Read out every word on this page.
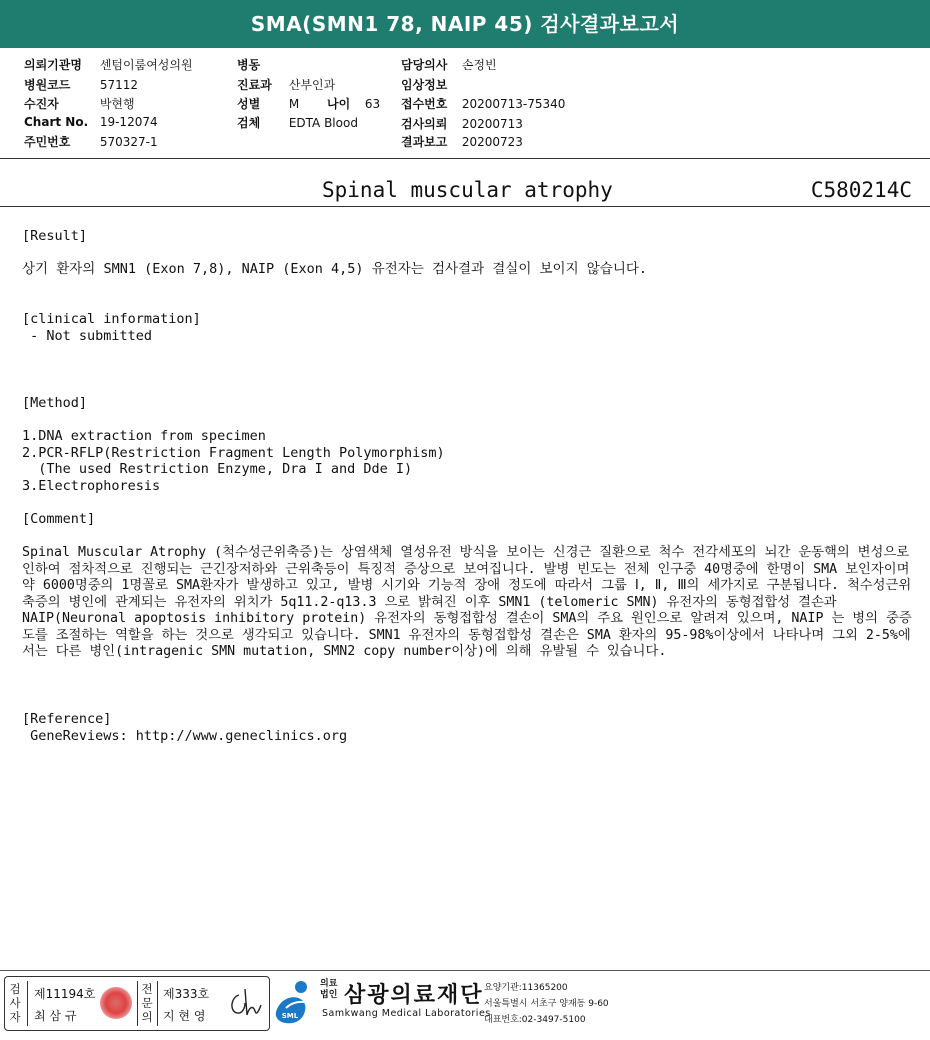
SMA(SMN1 78, NAIP 45) 검사결과보고서
의뢰기관명 센텀이룸여성의원
병원코드 57112
수진자	박현행
Chart No. 19-12074
주민번호 570327-1
병동
진료과 산부인과
성별 M 나이 63
검체 EDTA Blood
담당의사 손정빈
임상정보
접수번호 20200713-75340
검사의뢰 20200713
결과보고 20200723
Spinal muscular atrophy	C580214C
[Result]
상기 환자의 SMN1 (Exon 7,8), NAIP (Exon 4,5) 유전자는 검사결과 결실이 보이지 않습니다.
[clinical information]
- Not submitted
[Method]
1.DNA extraction from specimen
2.PCR-RFLP(Restriction Fragment Length Polymorphism)
(The used Restriction Enzyme, Dra I and Dde I)
3.Electrophoresis
[Comment]
Spinal Muscular Atrophy (척수성근위축증)는 상염색체 열성유전 방식을 보이는 신경근 질환으로 척수 전각세포의 뇌간 운동핵의 변성으로 인하여 점차적으로 진행되는 근긴장저하와 근위축등이 특징적 증상으로 보여집니다. 발병 빈도는 전체 인구중 40명중에 한명이 SMA 보인자이며 약 6000명중의 1명꼴로 SMA환자가 발생하고 있고, 발병 시기와 기능적 장애 정도에 따라서 그룹 Ⅰ, Ⅱ, Ⅲ의 세가지로 구분됩니다. 척수성근위축증의 병인에 관계되는 유전자의 위치가 5q11.2-q13.3 으로 밝혀진 이후 SMN1 (telomeric SMN) 유전자의 동형접합성 결손과 NAIP(Neuronal apoptosis inhibitory protein) 유전자의 동형접합성 결손이 SMA의 주요 원인으로 알려져 있으며, NAIP 는 병의 중증도를 조절하는 역할을 하는 것으로 생각되고 있습니다. SMN1 유전자의 동형접합성 결손은 SMA 환자의 95-98%이상에서 나타나며 그외 2-5%에서는 다른 병인(intragenic SMN mutation, SMN2 copy number이상)에 의해 유발될 수 있습니다.
[Reference]
GeneReviews: http://www.geneclinics.org
검사자
제11194호
최 삼 규
전문의
제333호
지 현 영	SML
의료
법인 삼광의료재단
Samkwang Medical Laboratories
요양기관:11365200
서울특별시 서초구 양재동 9-60
대표번호:02-3497-5100
